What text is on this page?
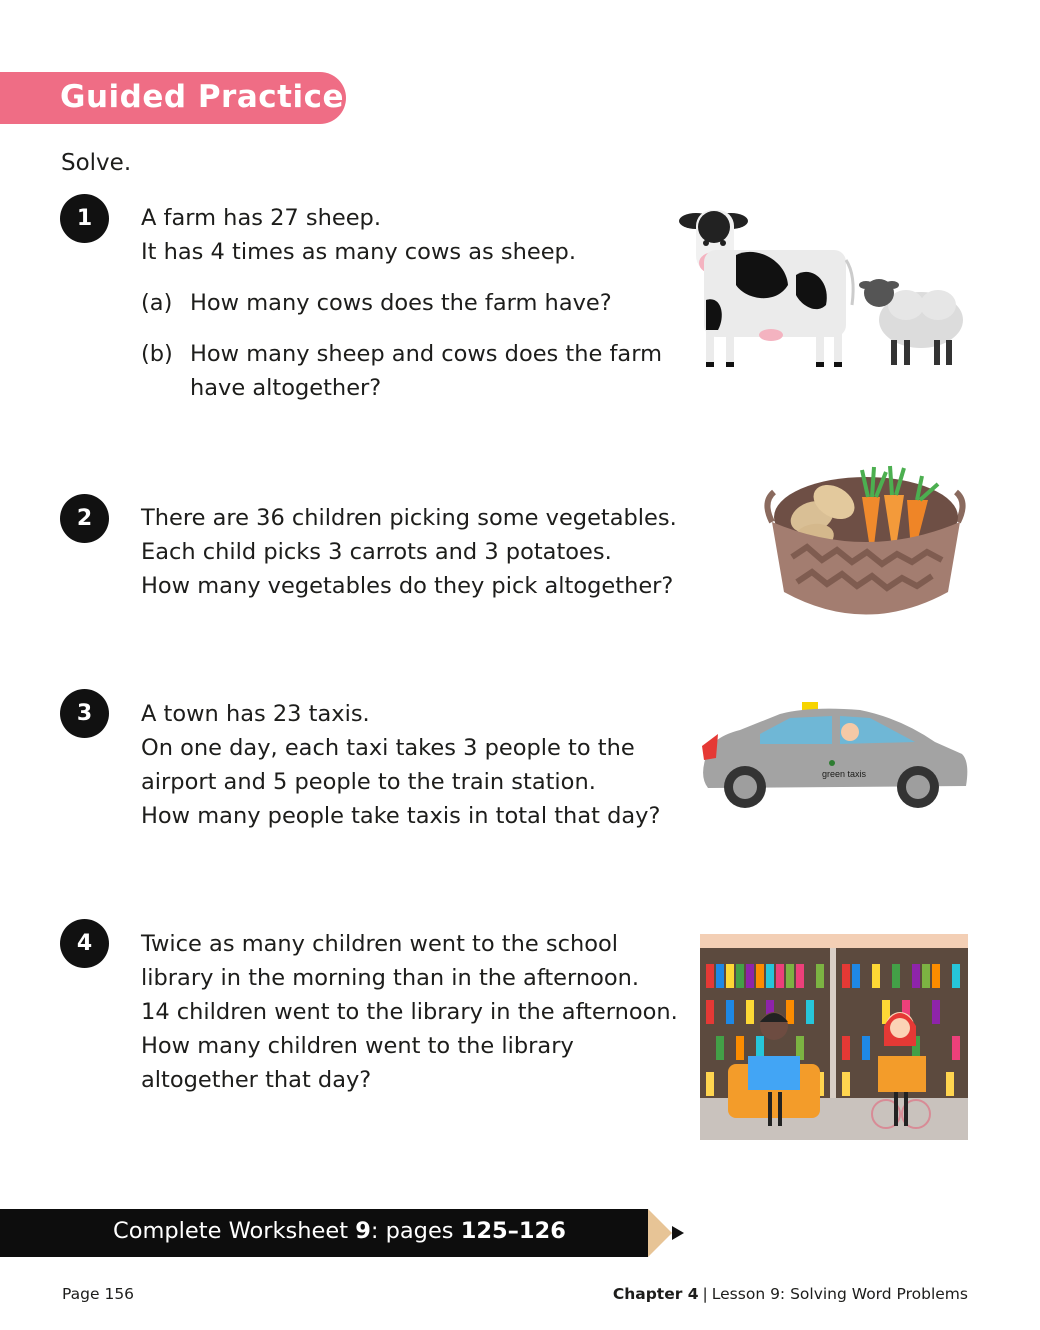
Guided Practice
Solve.
1	A farm has 27 sheep.

It has 4 times as many cows as sheep.

(a) How many cows does the farm have?
(b) How many sheep and cows does the farm
have altogether?
2	There are 36 children picking some vegetables.

Each child picks 3 carrots and 3 potatoes.

How many vegetables do they pick altogether?

3	A town has 23 taxis.

On one day, each taxi takes 3 people to the

airport and 5 people to the train station.

How many people take taxis in total that day?

green taxis
4	Twice as many children went to the school

library in the morning than in the afternoon.

14 children went to the library in the afternoon.

How many children went to the library

altogether that day?

Complete Worksheet 9: pages 125–126
Page 156	Chapter 4 | Lesson 9: Solving Word Problems
